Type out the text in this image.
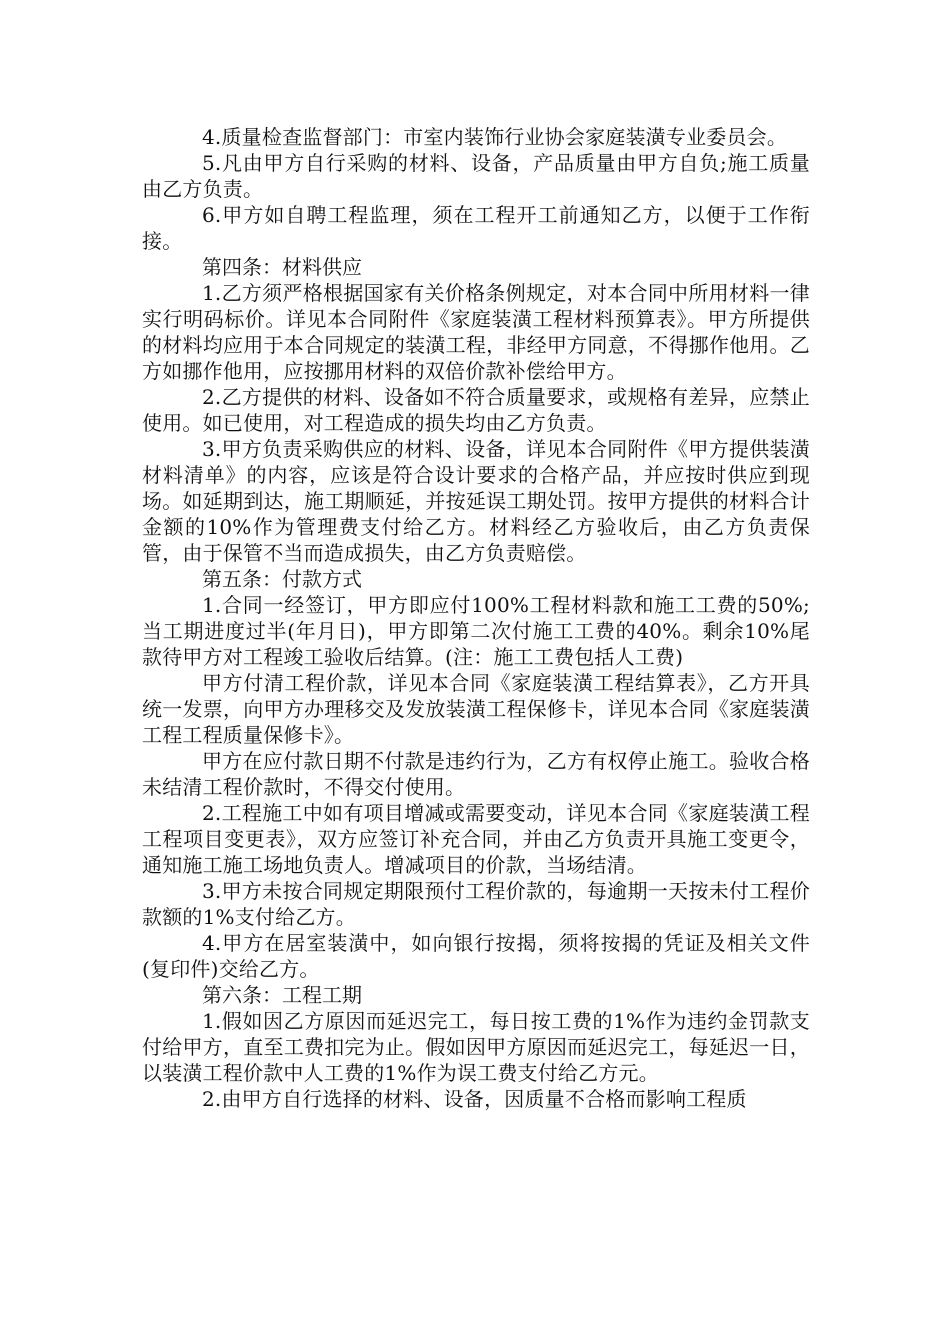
4.质量检查监督部门：市室内装饰行业协会家庭装潢专业委员会。

5.凡由甲方自行采购的材料、设备，产品质量由甲方自负;施工质量由乙方负责。

6.甲方如自聘工程监理，须在工程开工前通知乙方，以便于工作衔接。

第四条：材料供应

1.乙方须严格根据国家有关价格条例规定，对本合同中所用材料一律实行明码标价。详见本合同附件《家庭装潢工程材料预算表》。甲方所提供的材料均应用于本合同规定的装潢工程，非经甲方同意，不得挪作他用。乙方如挪作他用，应按挪用材料的双倍价款补偿给甲方。

2.乙方提供的材料、设备如不符合质量要求，或规格有差异，应禁止使用。如已使用，对工程造成的损失均由乙方负责。

3.甲方负责采购供应的材料、设备，详见本合同附件《甲方提供装潢材料清单》的内容，应该是符合设计要求的合格产品，并应按时供应到现场。如延期到达，施工期顺延，并按延误工期处罚。按甲方提供的材料合计金额的10%作为管理费支付给乙方。材料经乙方验收后，由乙方负责保管，由于保管不当而造成损失，由乙方负责赔偿。

第五条：付款方式

1.合同一经签订，甲方即应付100%工程材料款和施工工费的50%;当工期进度过半(年月日)，甲方即第二次付施工工费的40%。剩余10%尾款待甲方对工程竣工验收后结算。(注：施工工费包括人工费)

甲方付清工程价款，详见本合同《家庭装潢工程结算表》，乙方开具统一发票，向甲方办理移交及发放装潢工程保修卡，详见本合同《家庭装潢工程工程质量保修卡》。

甲方在应付款日期不付款是违约行为，乙方有权停止施工。验收合格未结清工程价款时，不得交付使用。

2.工程施工中如有项目增减或需要变动，详见本合同《家庭装潢工程工程项目变更表》，双方应签订补充合同，并由乙方负责开具施工变更令，通知施工施工场地负责人。增减项目的价款，当场结清。

3.甲方未按合同规定期限预付工程价款的，每逾期一天按未付工程价款额的1%支付给乙方。

4.甲方在居室装潢中，如向银行按揭，须将按揭的凭证及相关文件(复印件)交给乙方。

第六条：工程工期

1.假如因乙方原因而延迟完工，每日按工费的1%作为违约金罚款支付给甲方，直至工费扣完为止。假如因甲方原因而延迟完工，每延迟一日，以装潢工程价款中人工费的1%作为误工费支付给乙方元。

2.由甲方自行选择的材料、设备，因质量不合格而影响工程质
